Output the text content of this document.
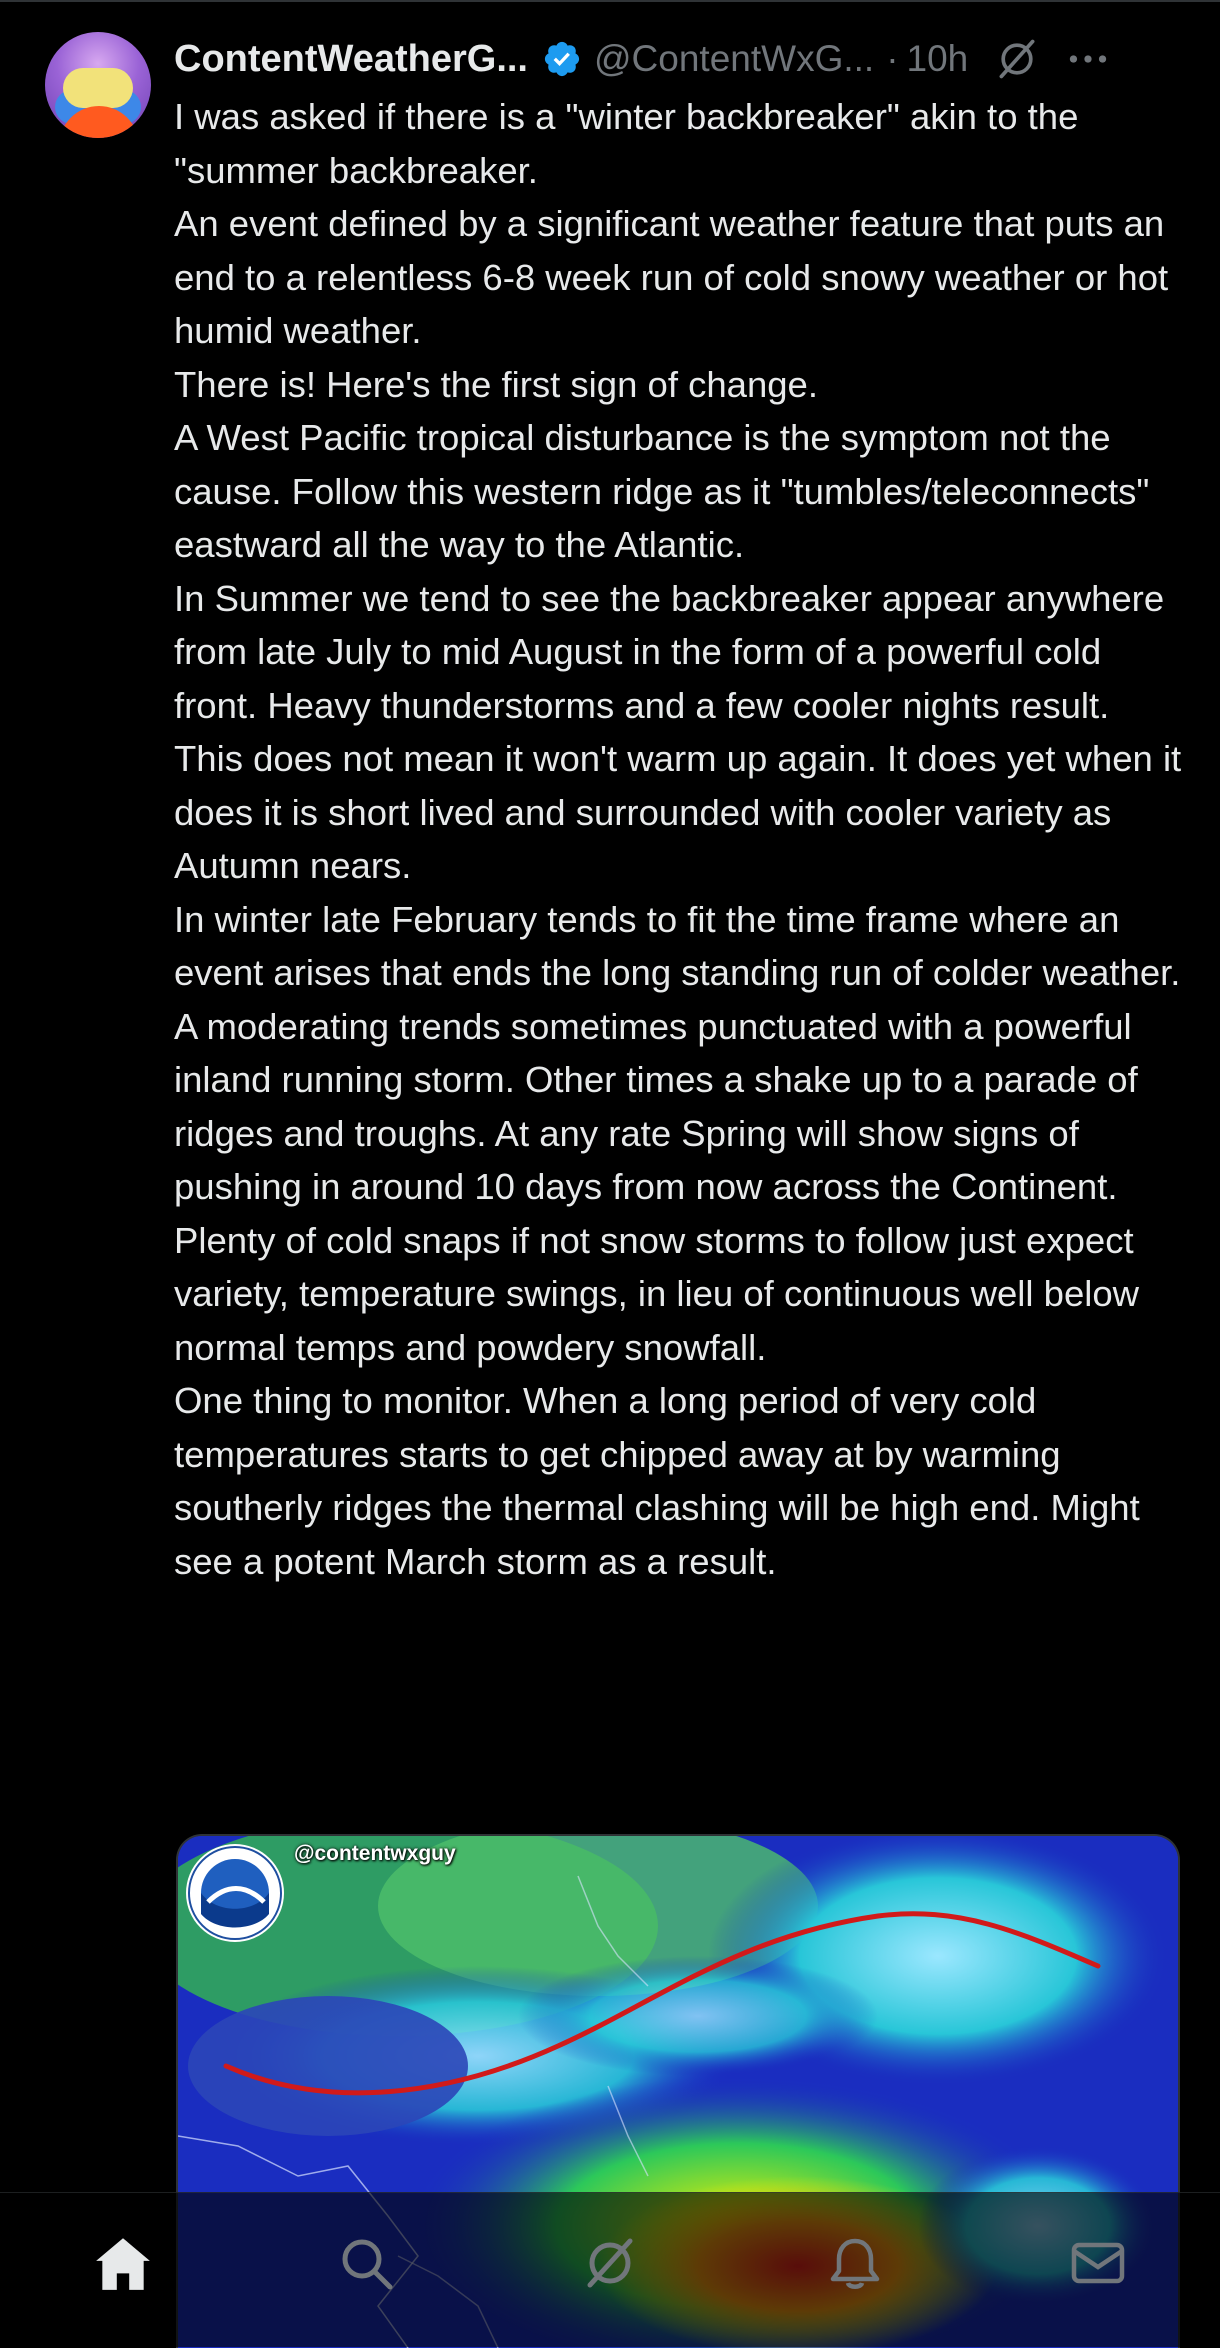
ContentWeatherG... @ContentWxG... · 10h

I was asked if there is a "winter backbreaker" akin to the "summer backbreaker.

An event defined by a significant weather feature that puts an end to a relentless 6-8 week run of cold snowy weather or hot humid weather.

There is! Here's the first sign of change.

A West Pacific tropical disturbance is the symptom not the cause. Follow this western ridge as it "tumbles/teleconnects" eastward all the way to the Atlantic.

In Summer we tend to see the backbreaker appear anywhere from late July to mid August in the form of a powerful cold front. Heavy thunderstorms and a few cooler nights result.

This does not mean it won't warm up again. It does yet when it does it is short lived and surrounded with cooler variety as Autumn nears.

In winter late February tends to fit the time frame where an event arises that ends the long standing run of colder weather. A moderating trends sometimes punctuated with a powerful inland running storm. Other times a shake up to a parade of ridges and troughs. At any rate Spring will show signs of pushing in around 10 days from now across the Continent.

Plenty of cold snaps if not snow storms to follow just expect variety, temperature swings, in lieu of continuous well below normal temps and powdery snowfall.

One thing to monitor. When a long period of very cold temperatures starts to get chipped away at by warming southerly ridges the thermal clashing will be high end. Might see a potent March storm as a result.

@contentwxguy
